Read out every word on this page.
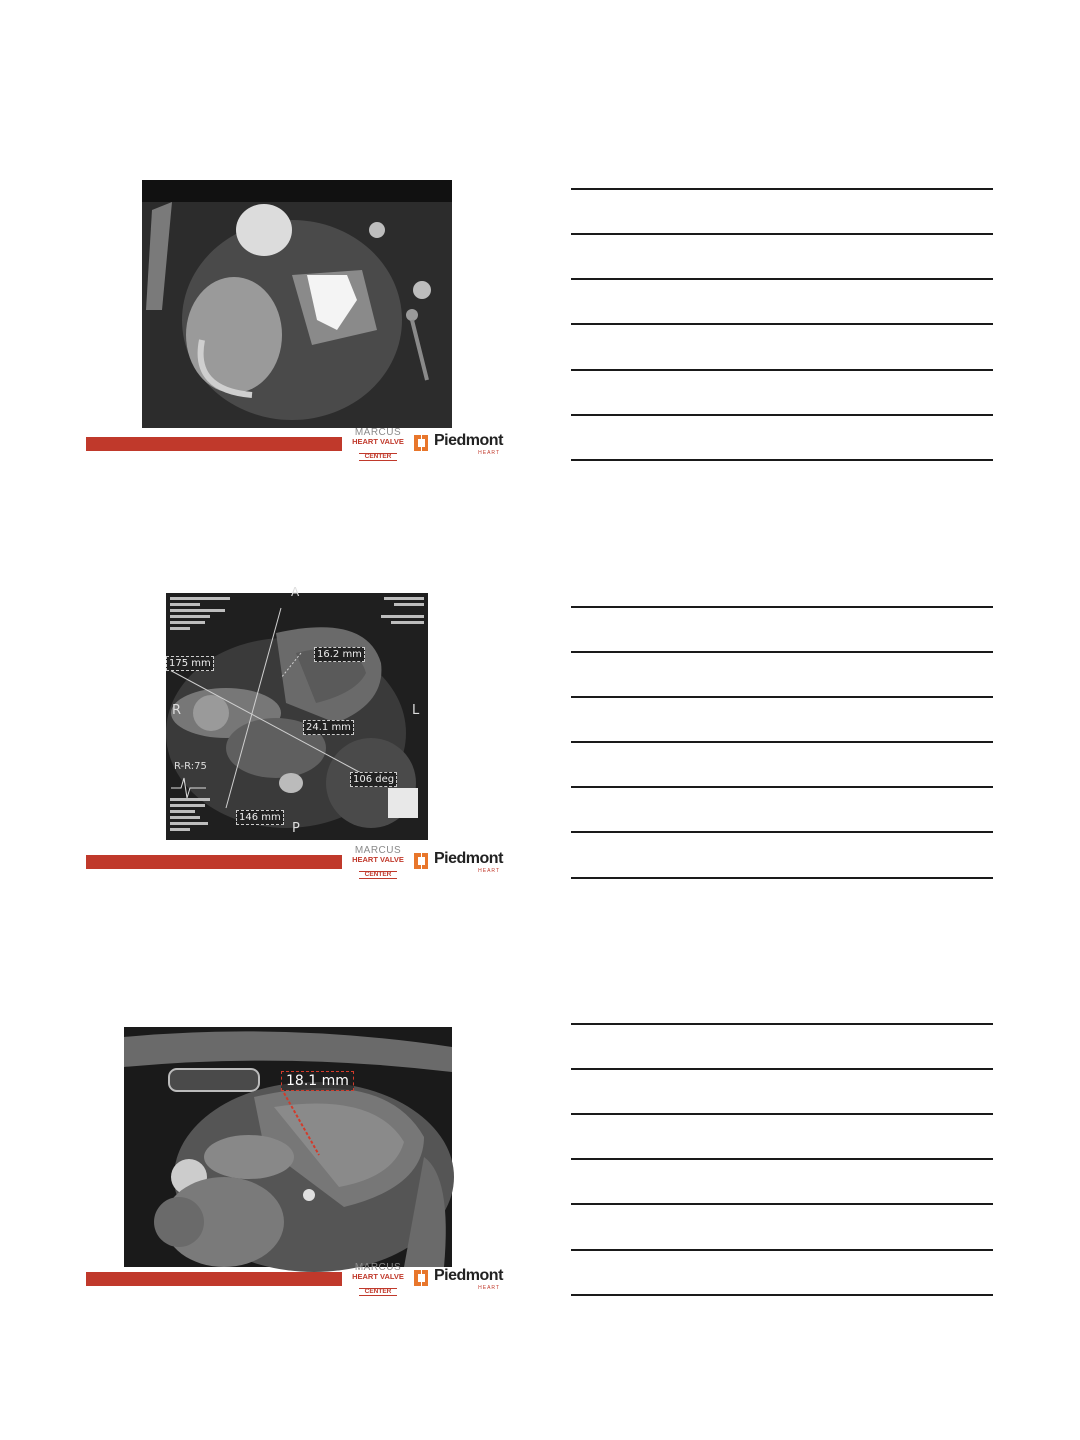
MARCUS
HEART VALVE
CENTER
Piedmont
HEART
A
R	L
P
R-R:75
175 mm
16.2 mm
24.1 mm
106 deg
146 mm
MARCUS
HEART VALVE
CENTER
Piedmont
HEART
18.1 mm
MARCUS
HEART VALVE
CENTER
Piedmont
HEART
